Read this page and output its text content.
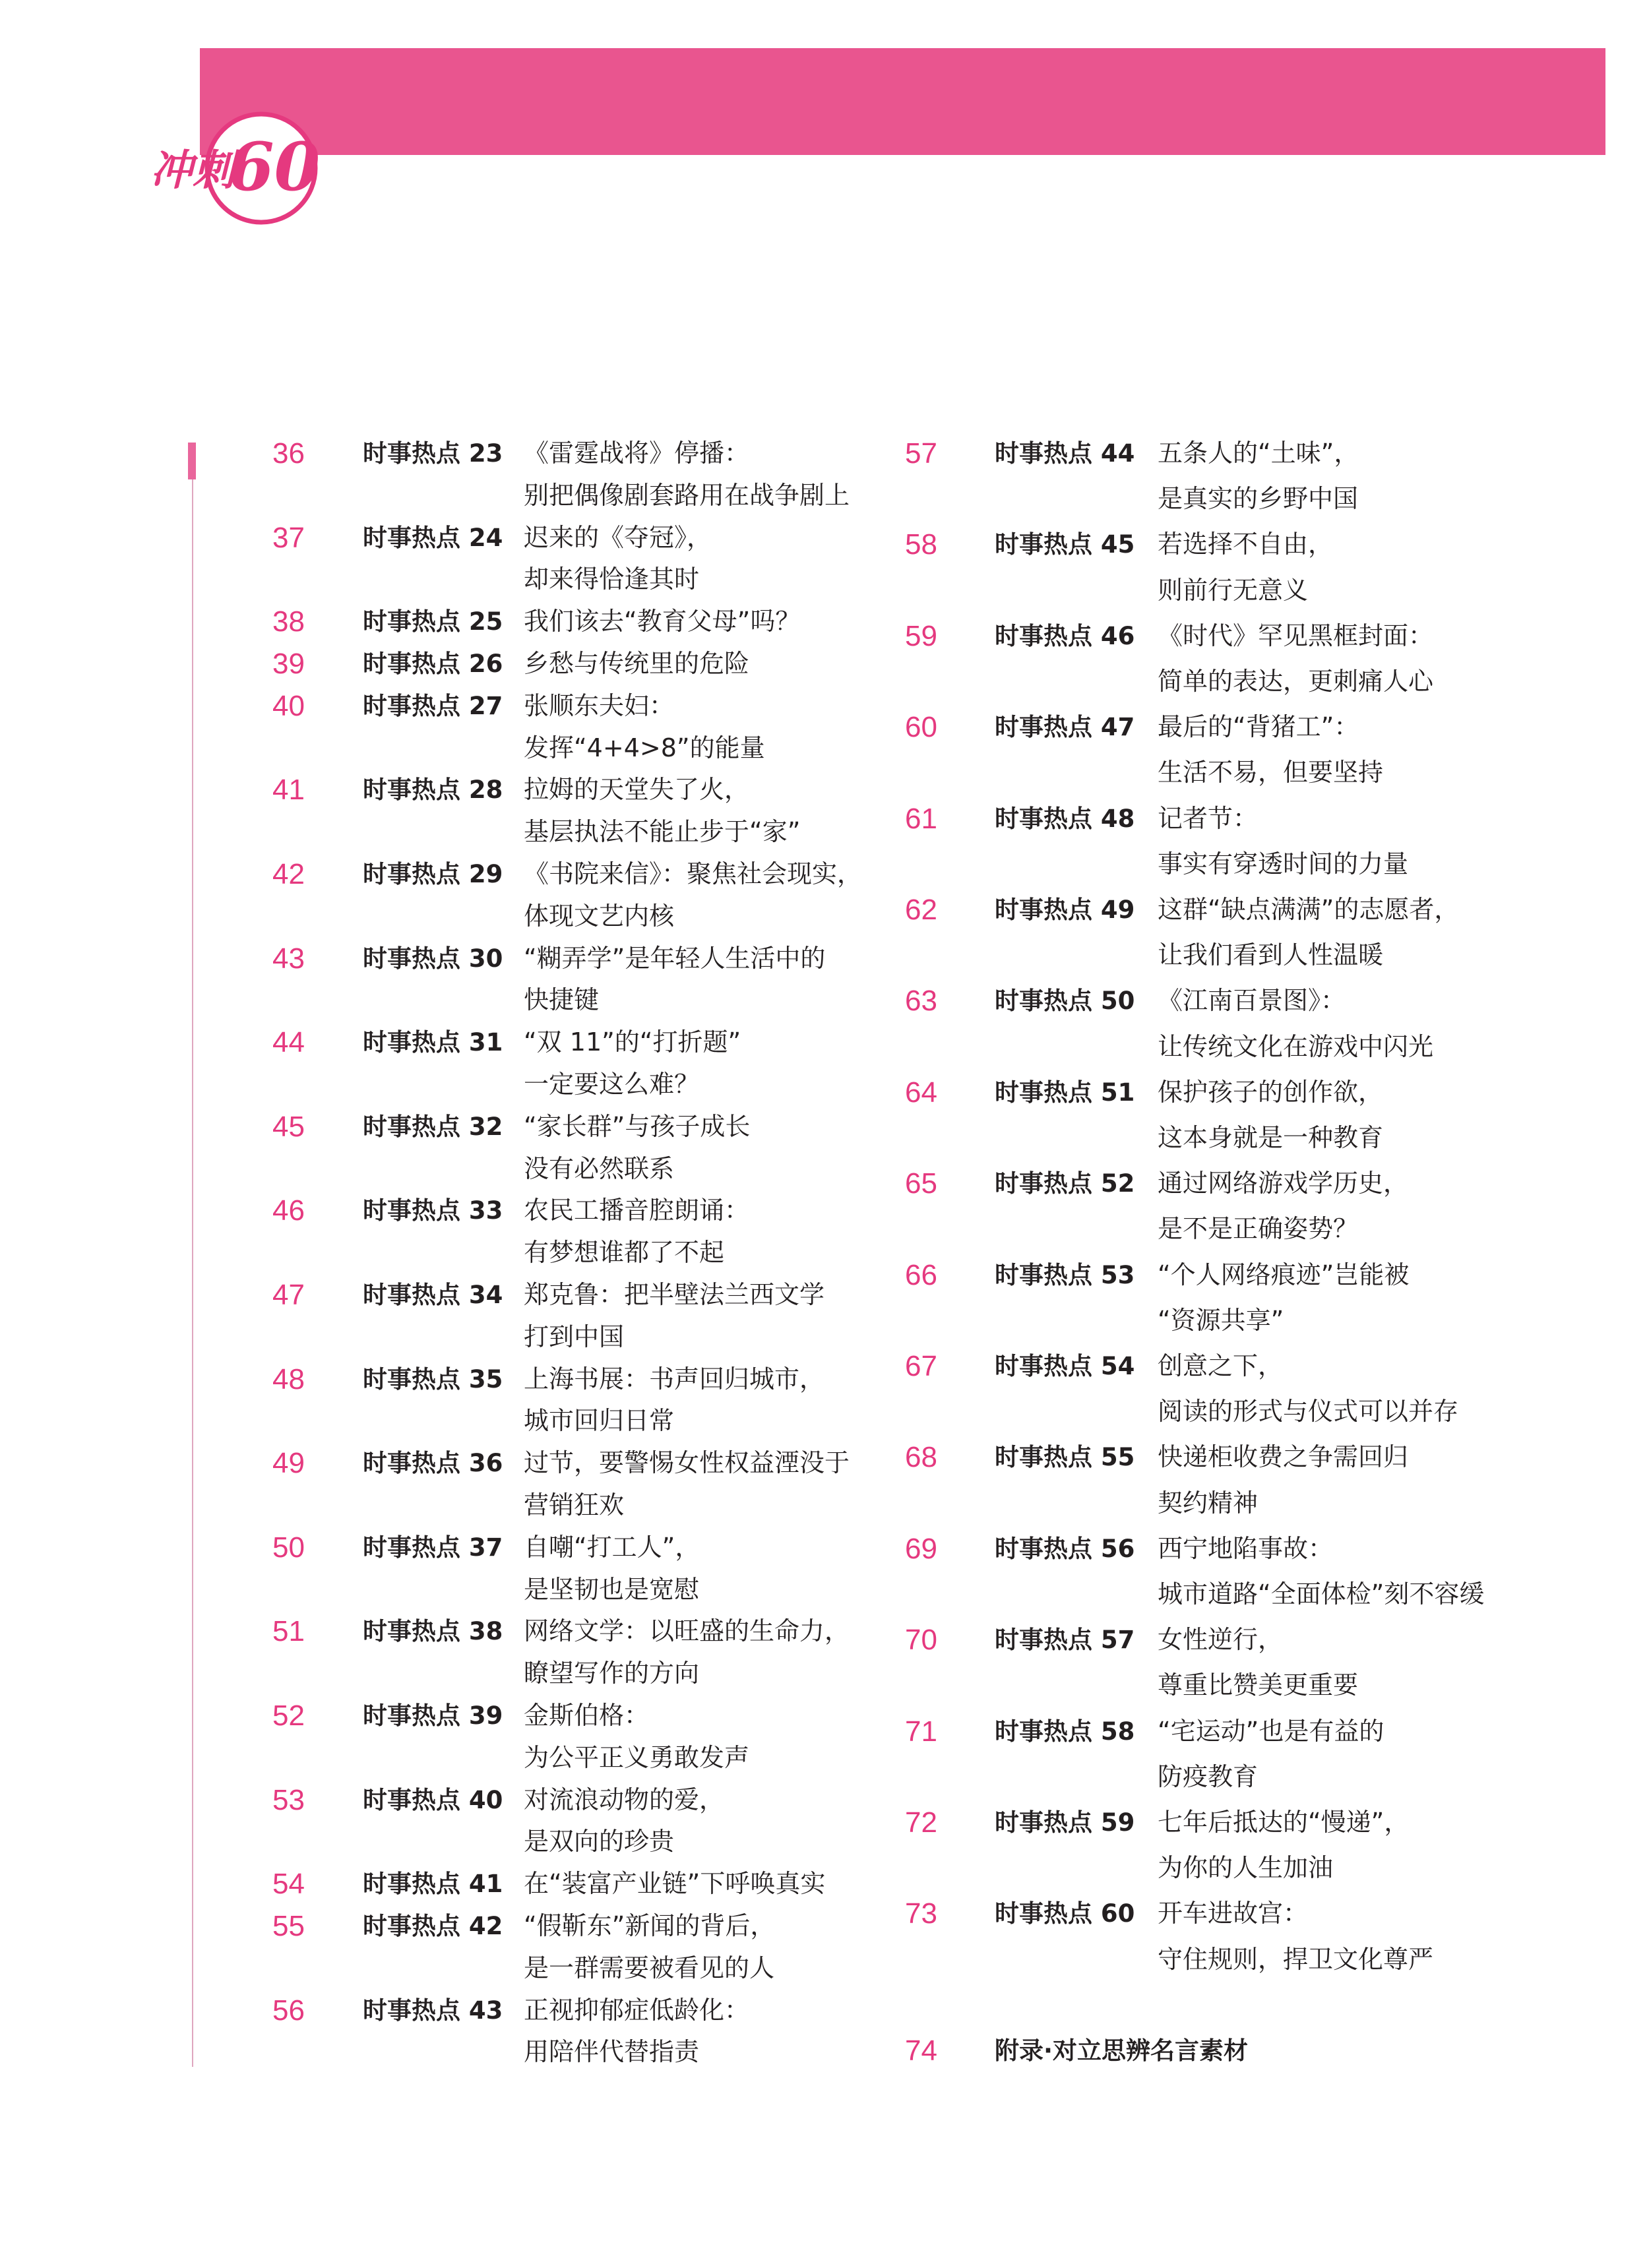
冲刺
60
36 时事热点 23 《雷霆战将》停播：
别把偶像剧套路用在战争剧上
37 时事热点 24 迟来的《夺冠》，
却来得恰逢其时
38 时事热点 25 我们该去“教育父母”吗？
39 时事热点 26 乡愁与传统里的危险
40 时事热点 27 张顺东夫妇：
发挥“4+4>8”的能量
41 时事热点 28 拉姆的天堂失了火，
基层执法不能止步于“家”
42 时事热点 29 《书院来信》：聚焦社会现实，
体现文艺内核
43 时事热点 30 “糊弄学”是年轻人生活中的
快捷键
44 时事热点 31 “双 11”的“打折题”
一定要这么难？
45 时事热点 32 “家长群”与孩子成长
没有必然联系
46 时事热点 33 农民工播音腔朗诵：
有梦想谁都了不起
47 时事热点 34 郑克鲁：把半壁法兰西文学
打到中国
48 时事热点 35 上海书展：书声回归城市，
城市回归日常
49 时事热点 36 过节，要警惕女性权益湮没于
营销狂欢
50 时事热点 37 自嘲“打工人”，
是坚韧也是宽慰
51 时事热点 38 网络文学：以旺盛的生命力，
瞭望写作的方向
52 时事热点 39 金斯伯格：
为公平正义勇敢发声
53 时事热点 40 对流浪动物的爱，
是双向的珍贵
54 时事热点 41 在“装富产业链”下呼唤真实
55 时事热点 42 “假靳东”新闻的背后，
是一群需要被看见的人
56 时事热点 43 正视抑郁症低龄化：
用陪伴代替指责
57 时事热点 44 五条人的“土味”，
是真实的乡野中国
58 时事热点 45 若选择不自由，
则前行无意义
59 时事热点 46 《时代》罕见黑框封面：
简单的表达，更刺痛人心
60 时事热点 47 最后的“背猪工”：
生活不易，但要坚持
61 时事热点 48 记者节：
事实有穿透时间的力量
62 时事热点 49 这群“缺点满满”的志愿者，
让我们看到人性温暖
63 时事热点 50 《江南百景图》：
让传统文化在游戏中闪光
64 时事热点 51 保护孩子的创作欲，
这本身就是一种教育
65 时事热点 52 通过网络游戏学历史，
是不是正确姿势？
66 时事热点 53 “个人网络痕迹”岂能被
“资源共享”
67 时事热点 54 创意之下，
阅读的形式与仪式可以并存
68 时事热点 55 快递柜收费之争需回归
契约精神
69 时事热点 56 西宁地陷事故：
城市道路“全面体检”刻不容缓
70 时事热点 57 女性逆行，
尊重比赞美更重要
71 时事热点 58 “宅运动”也是有益的
防疫教育
72 时事热点 59 七年后抵达的“慢递”，
为你的人生加油
73 时事热点 60 开车进故宫：
守住规则，捍卫文化尊严
74 附录·对立思辨名言素材
